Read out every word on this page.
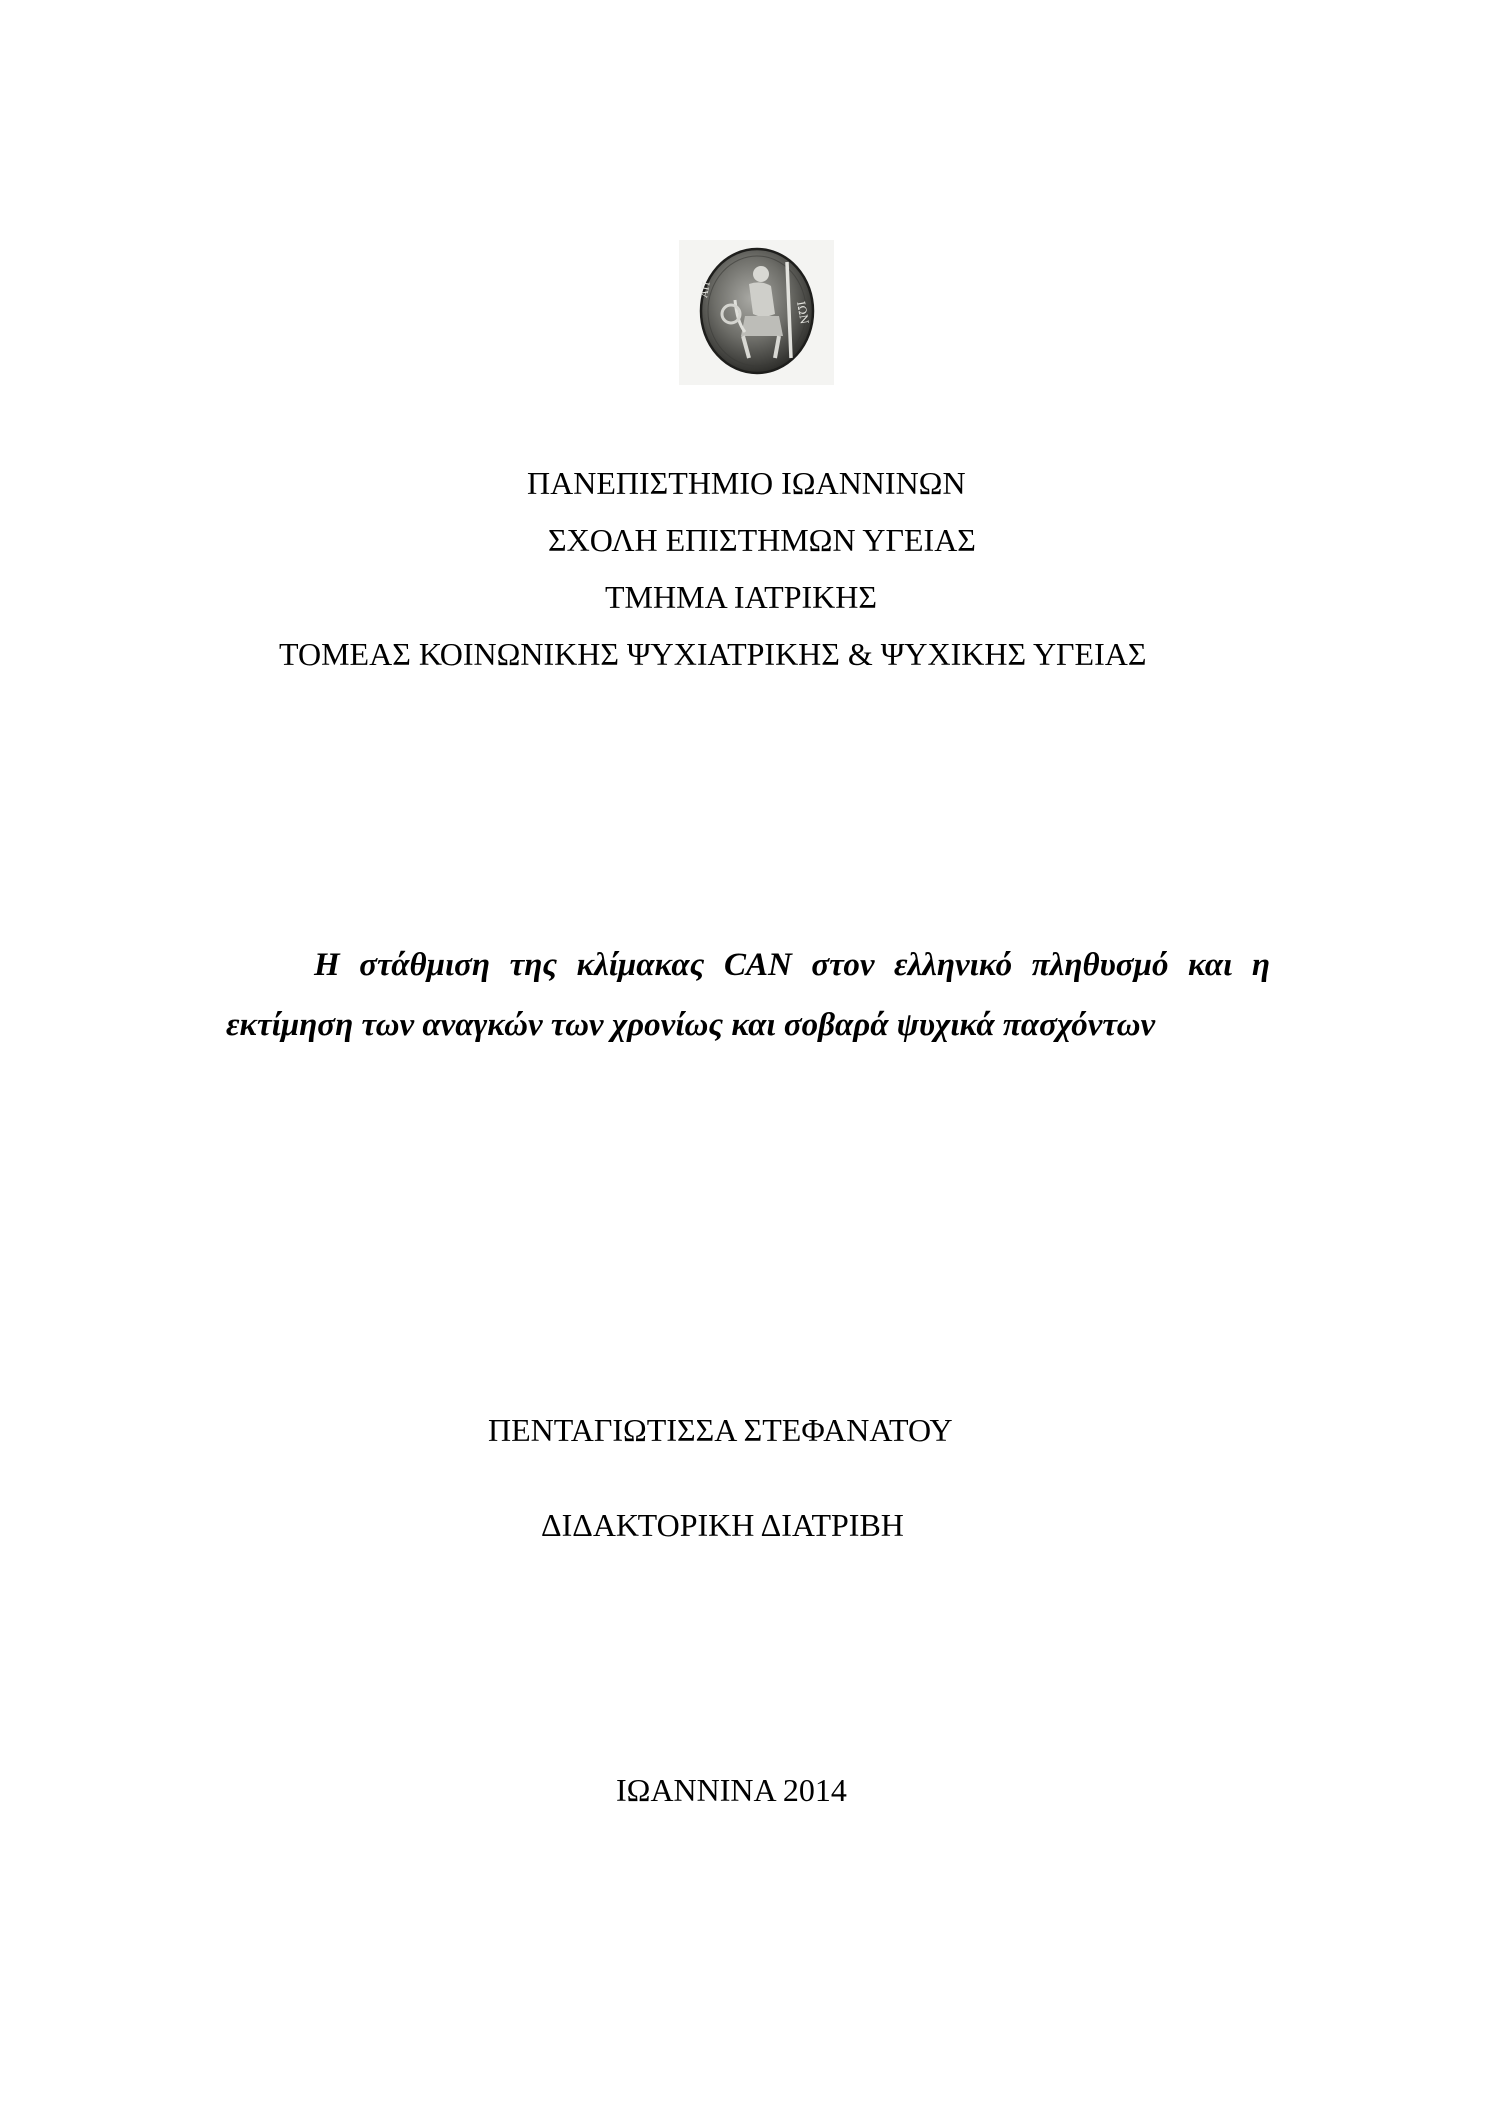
ΙΩΝ
ΑΠ
ΠΑΝΕΠΙΣΤΗΜΙΟ ΙΩΑΝΝΙΝΩΝ
ΣΧΟΛΗ ΕΠΙΣΤΗΜΩΝ ΥΓΕΙΑΣ
ΤΜΗΜΑ ΙΑΤΡΙΚΗΣ
ΤΟΜΕΑΣ ΚΟΙΝΩΝΙΚΗΣ ΨΥΧΙΑΤΡΙΚΗΣ & ΨΥΧΙΚΗΣ ΥΓΕΙΑΣ
Η στάθμιση της κλίμακας CAN στον ελληνικό πληθυσμό και η εκτίμηση των αναγκών των χρονίως και σοβαρά ψυχικά πασχόντων
ΠΕΝΤΑΓΙΩΤΙΣΣΑ ΣΤΕΦΑΝΑΤΟΥ
ΔΙΔΑΚΤΟΡΙΚΗ ΔΙΑΤΡΙΒΗ
ΙΩΑΝΝΙΝΑ 2014
